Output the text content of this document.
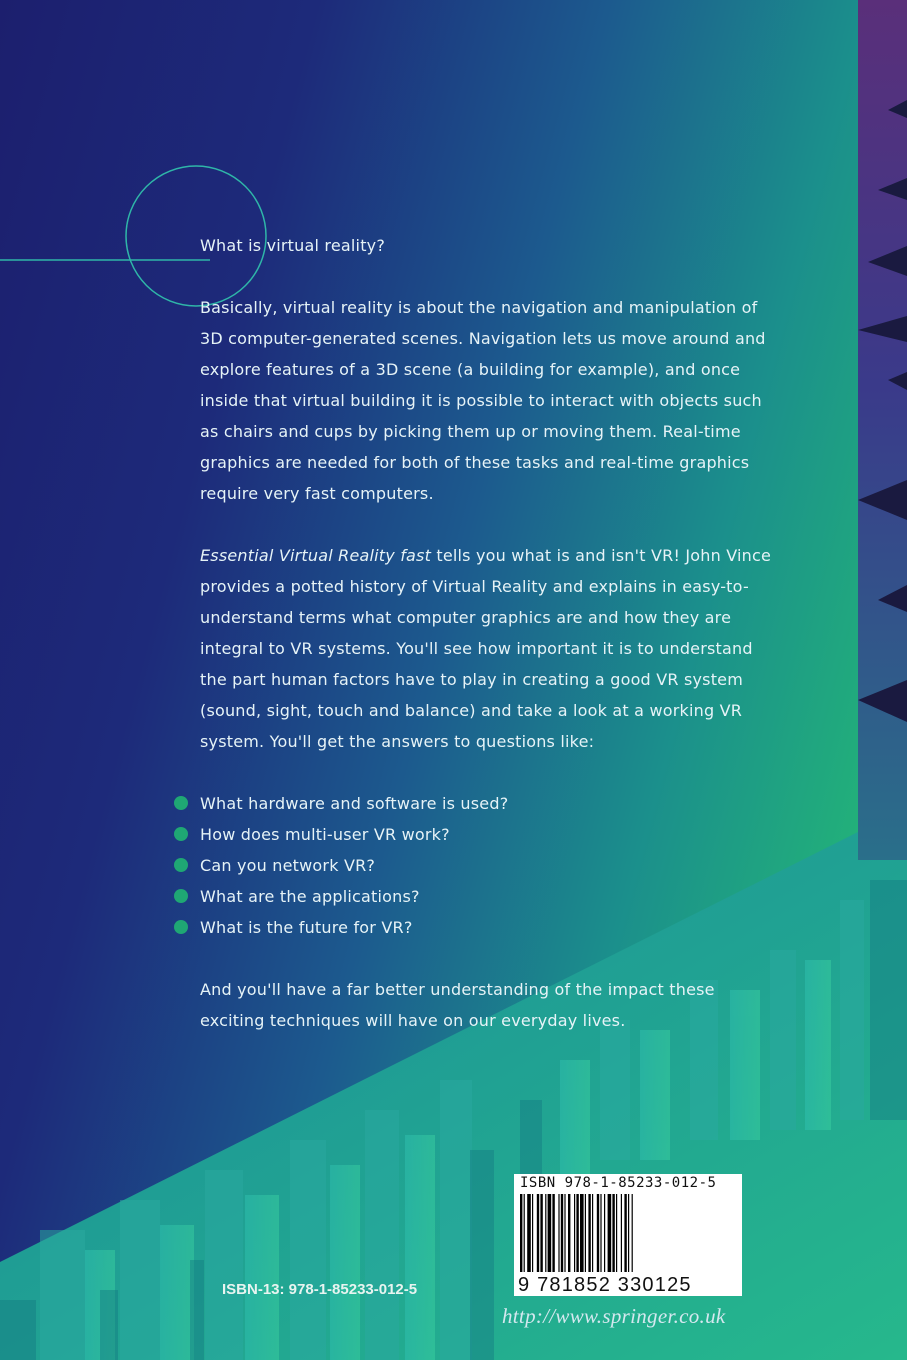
What is virtual reality?

Basically, virtual reality is about the navigation and manipulation of 3D computer-generated scenes. Navigation lets us move around and explore features of a 3D scene (a building for example), and once inside that virtual building it is possible to interact with objects such as chairs and cups by picking them up or moving them. Real-time graphics are needed for both of these tasks and real-time graphics require very fast computers.

Essential Virtual Reality fast tells you what is and isn't VR! John Vince provides a potted history of Virtual Reality and explains in easy-to-understand terms what computer graphics are and how they are integral to VR systems. You'll see how important it is to understand the part human factors have to play in creating a good VR system (sound, sight, touch and balance) and take a look at a working VR system. You'll get the answers to questions like:

What hardware and software is used?
How does multi-user VR work?
Can you network VR?
What are the applications?
What is the future for VR?

And you'll have a far better understanding of the impact these exciting techniques will have on our everyday lives.

ISBN 978-1-85233-012-5
9 781852 330125
ISBN-13: 978-1-85233-012-5
http://www.springer.co.uk
